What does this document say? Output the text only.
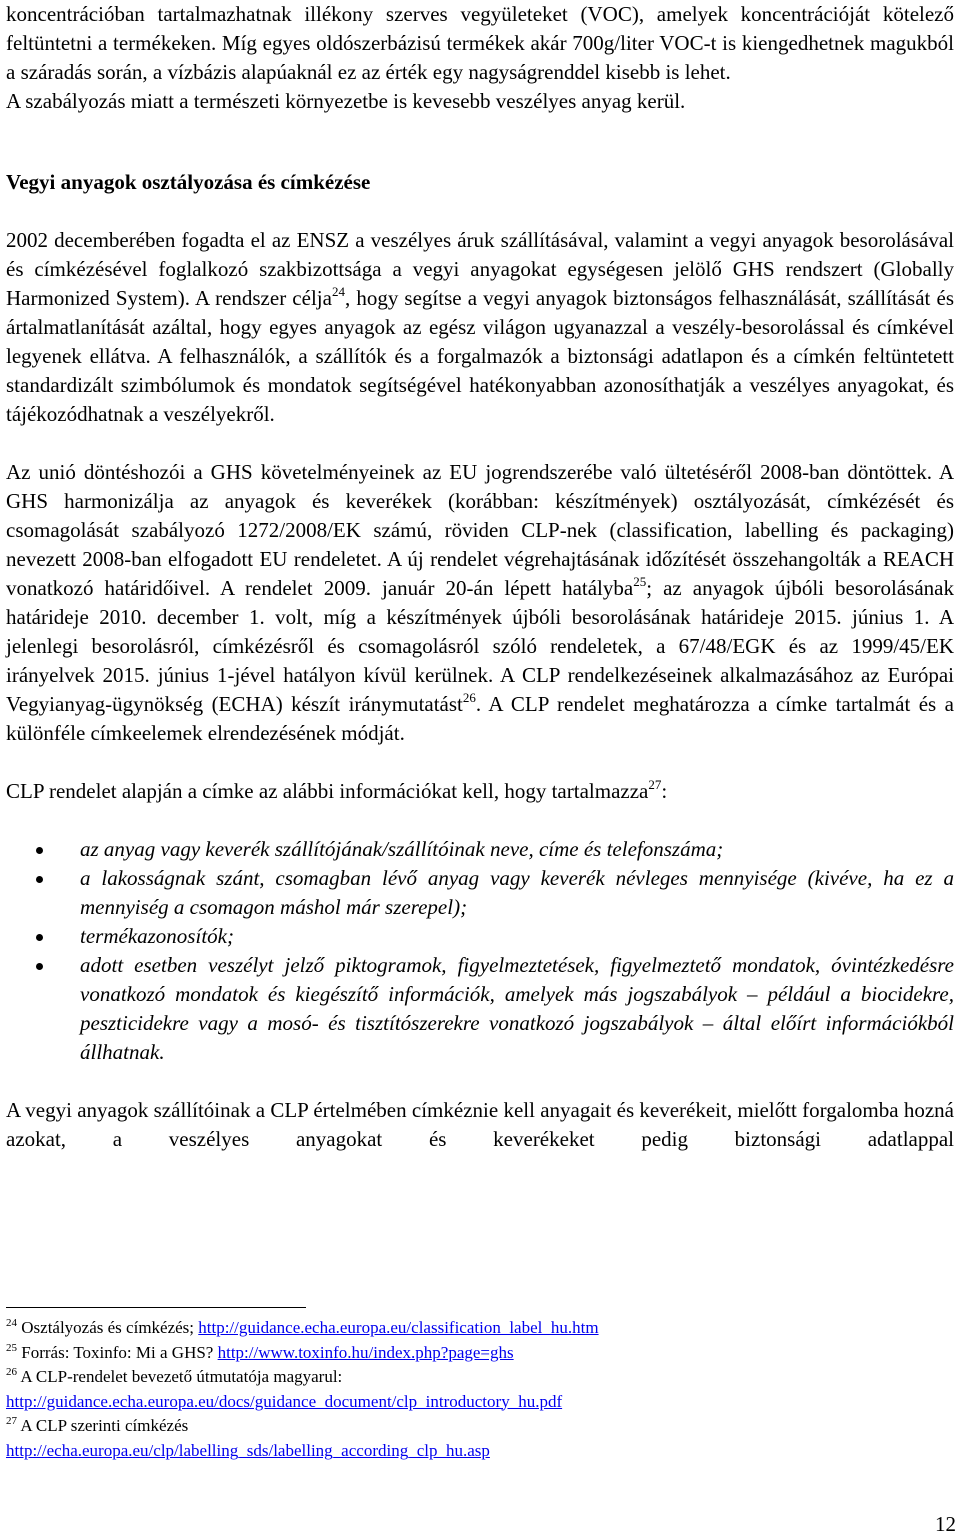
koncentrációban tartalmazhatnak illékony szerves vegyületeket (VOC), amelyek koncentrációját kötelező feltüntetni a termékeken. Míg egyes oldószerbázisú termékek akár 700g/liter VOC-t is kiengedhetnek magukból a száradás során, a vízbázis alapúaknál ez az érték egy nagyságrenddel kisebb is lehet.

A szabályozás miatt a természeti környezetbe is kevesebb veszélyes anyag kerül.

Vegyi anyagok osztályozása és címkézése

2002 decemberében fogadta el az ENSZ a veszélyes áruk szállításával, valamint a vegyi anyagok besorolásával és címkézésével foglalkozó szakbizottsága a vegyi anyagokat egységesen jelölő GHS rendszert (Globally Harmonized System). A rendszer célja$^{24}$, hogy segítse a vegyi anyagok biztonságos felhasználását, szállítását és ártalmatlanítását azáltal, hogy egyes anyagok az egész világon ugyanazzal a veszély-besorolással és címkével legyenek ellátva. A felhasználók, a szállítók és a forgalmazók a biztonsági adatlapon és a címkén feltüntetett standardizált szimbólumok és mondatok segítségével hatékonyabban azonosíthatják a veszélyes anyagokat, és tájékozódhatnak a veszélyekről.

Az unió döntéshozói a GHS követelményeinek az EU jogrendszerébe való ültetéséről 2008-ban döntöttek. A GHS harmonizálja az anyagok és keverékek (korábban: készítmények) osztályozását, címkézését és csomagolását szabályozó 1272/2008/EK számú, röviden CLP-nek (classification, labelling és packaging) nevezett 2008-ban elfogadott EU rendeletet. A új rendelet végrehajtásának időzítését összehangolták a REACH vonatkozó határidőivel. A rendelet 2009. január 20-án lépett hatályba$^{25}$; az anyagok újbóli besorolásának határideje 2010. december 1. volt, míg a készítmények újbóli besorolásának határideje 2015. június 1. A jelenlegi besorolásról, címkézésről és csomagolásról szóló rendeletek, a 67/48/EGK és az 1999/45/EK irányelvek 2015. június 1-jével hatályon kívül kerülnek. A CLP rendelkezéseinek alkalmazásához az Európai Vegyianyag-ügynökség (ECHA) készít iránymutatást$^{26}$. A CLP rendelet meghatározza a címke tartalmát és a különféle címkeelemek elrendezésének módját.

CLP rendelet alapján a címke az alábbi információkat kell, hogy tartalmazza$^{27}$:

az anyag vagy keverék szállítójának/szállítóinak neve, címe és telefonszáma;
a lakosságnak szánt, csomagban lévő anyag vagy keverék névleges mennyisége (kivéve, ha ez a mennyiség a csomagon máshol már szerepel);
termékazonosítók;
adott esetben veszélyt jelző piktogramok, figyelmeztetések, figyelmeztető mondatok, óvintézkedésre vonatkozó mondatok és kiegészítő információk, amelyek más jogszabályok – például a biocidekre, peszticidekre vagy a mosó- és tisztítószerekre vonatkozó jogszabályok – által előírt információkból állhatnak.

A vegyi anyagok szállítóinak a CLP értelmében címkéznie kell anyagait és keverékeit, mielőtt forgalomba hozná azokat, a veszélyes anyagokat és keverékeket pedig biztonsági adatlappal

$^{24}$ Osztályozás és címkézés; http://guidance.echa.europa.eu/classification_label_hu.htm
$^{25}$ Forrás: Toxinfo: Mi a GHS? http://www.toxinfo.hu/index.php?page=ghs
$^{26}$ A CLP-rendelet bevezető útmutatója magyarul:
http://guidance.echa.europa.eu/docs/guidance_document/clp_introductory_hu.pdf
$^{27}$ A CLP szerinti címkézés
http://echa.europa.eu/clp/labelling_sds/labelling_according_clp_hu.asp
12
